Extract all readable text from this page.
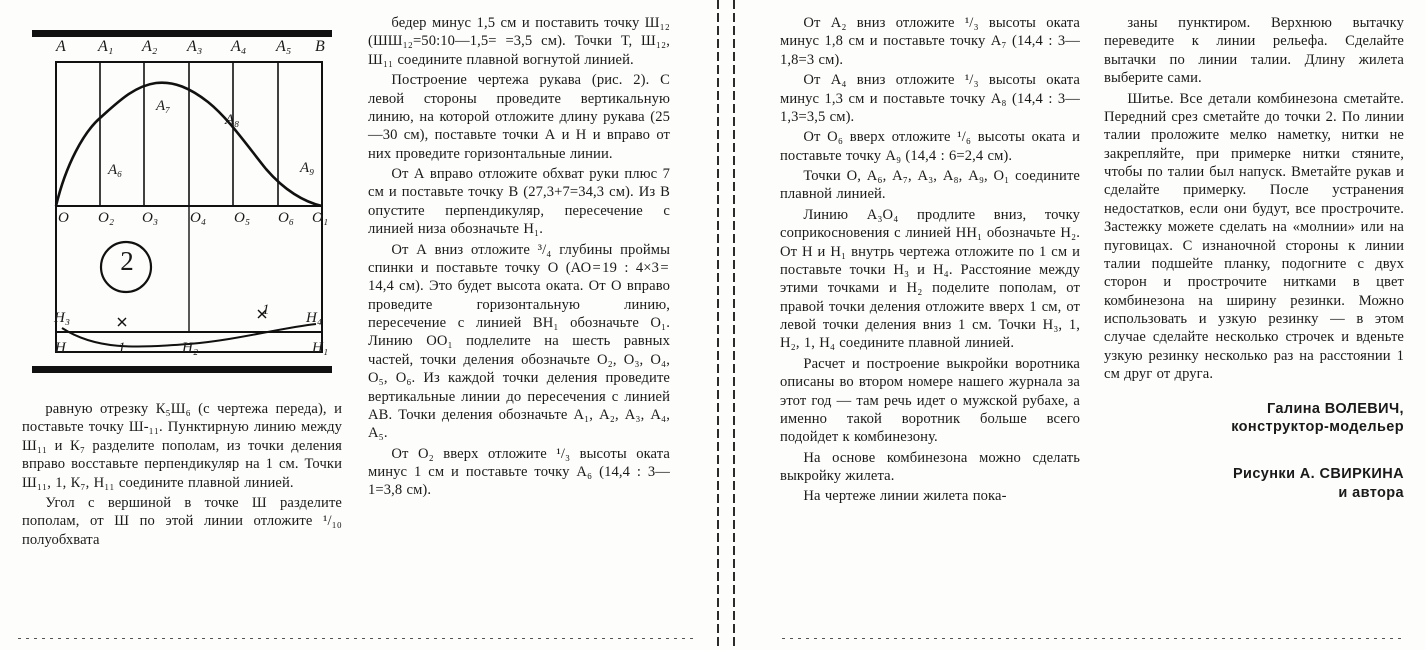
2
A A₁ A₂ A₃ A₄ A₅ B
A₆
A₇
A₈
A₉
O O₂ O₃ O₄ O₅ O₆ O₁
H₃
H	1	H₂
1 H₄
H₁

равную отрезку К₅Ш₆ (с чертежа переда), и поставьте точку Ш‑₁₁. Пунктирную линию между Ш₁₁ и К₇ разделите пополам, из точки деления вправо восставьте перпендикуляр на 1 см. Точки Ш₁₁, 1, К₇, Н₁₁ соедините плавной линией.

Угол с вершиной в точке Ш разделите пополам, от Ш по этой линии отложите ¹/₁₀ полуобхвата

бедер минус 1,5 см и поставить точку Ш₁₂ (ШШ₁₂=50:10—1,5= =3,5 см). Точки Т, Ш₁₂, Ш₁₁ соедините плавной вогнутой линией.

Построение чертежа рукава (рис. 2). С левой стороны проведите вертикальную линию, на которой отложите длину рукава (25—30 см), поставьте точки А и Н и вправо от них проведите горизонтальные линии.

От А вправо отложите обхват руки плюс 7 см и поставьте точку В (27,3+7=34,3 см). Из В опустите перпендикуляр, пересечение с линией низа обозначьте Н₁.

От А вниз отложите ³/₄ глубины проймы спинки и поставьте точку О (АО = 19 : 4×3 = 14,4 см). Это будет высота оката. От О вправо проведите горизонтальную линию, пересечение с линией ВН₁ обозначьте О₁. Линию ОО₁ подлелите на шесть равных частей, точки деления обозначьте О₂, О₃, О₄, О₅, О₆. Из каждой точки деления проведите вертикальные линии до пересечения с линией АВ. Точки деления обозначьте А₁, А₂, А₃, А₄, А₅.

От О₂ вверх отложите ¹/₃ высоты оката минус 1 см и поставьте точку А₆ (14,4 : 3—1=3,8 см).

От А₂ вниз отложите ¹/₃ высоты оката минус 1,8 см и поставьте точку А₇ (14,4 : 3—1,8=3 см).

От А₄ вниз отложите ¹/₃ высоты оката минус 1,3 см и поставьте точку А₈ (14,4 : 3—1,3=3,5 см).

От О₆ вверх отложите ¹/₆ высоты оката и поставьте точку А₉ (14,4 : 6=2,4 см).

Точки О, А₆, А₇, А₃, А₈, А₉, О₁ соедините плавной линией.

Линию А₃О₄ продлите вниз, точку соприкосновения с линией НН₁ обозначьте Н₂. От Н и Н₁ внутрь чертежа отложите по 1 см и поставьте точки Н₃ и Н₄. Расстояние между этими точками и Н₂ поделите пополам, от правой точки деления отложите вверх 1 см, от левой точки деления вниз 1 см. Точки Н₃, 1, Н₂, 1, Н₄ соедините плавной линией.

Расчет и построение выкройки воротника описаны во втором номере нашего журнала за этот год — там речь идет о мужской рубахе, а именно такой воротник больше всего подойдет к комбинезону.

На основе комбинезона можно сделать выкройку жилета.

На чертеже линии жилета пока-

заны пунктиром. Верхнюю вытачку переведите к линии рельефа. Сделайте вытачки по линии талии. Длину жилета выберите сами.

Шитье. Все детали комбинезона сметайте. Передний срез сметайте до точки 2. По линии талии проложите мелко наметку, нитки не закрепляйте, при примерке нитки стяните, чтобы по талии был напуск. Вметайте рукав и сделайте примерку. После устранения недостатков, если они будут, все прострочите. Застежку можете сделать на «молнии» или на пуговицах. С изнаночной стороны к линии талии подшейте планку, подогните с двух сторон и прострочите нитками в цвет комбинезона на ширину резинки. Можно использовать и узкую резинку — в этом случае сделайте несколько строчек и вденьте узкую резинку несколько раз на расстоянии 1 см друг от друга.

Галина ВОЛЕВИЧ,
конструктор-модельер
Рисунки А. СВИРКИНА
и автора
